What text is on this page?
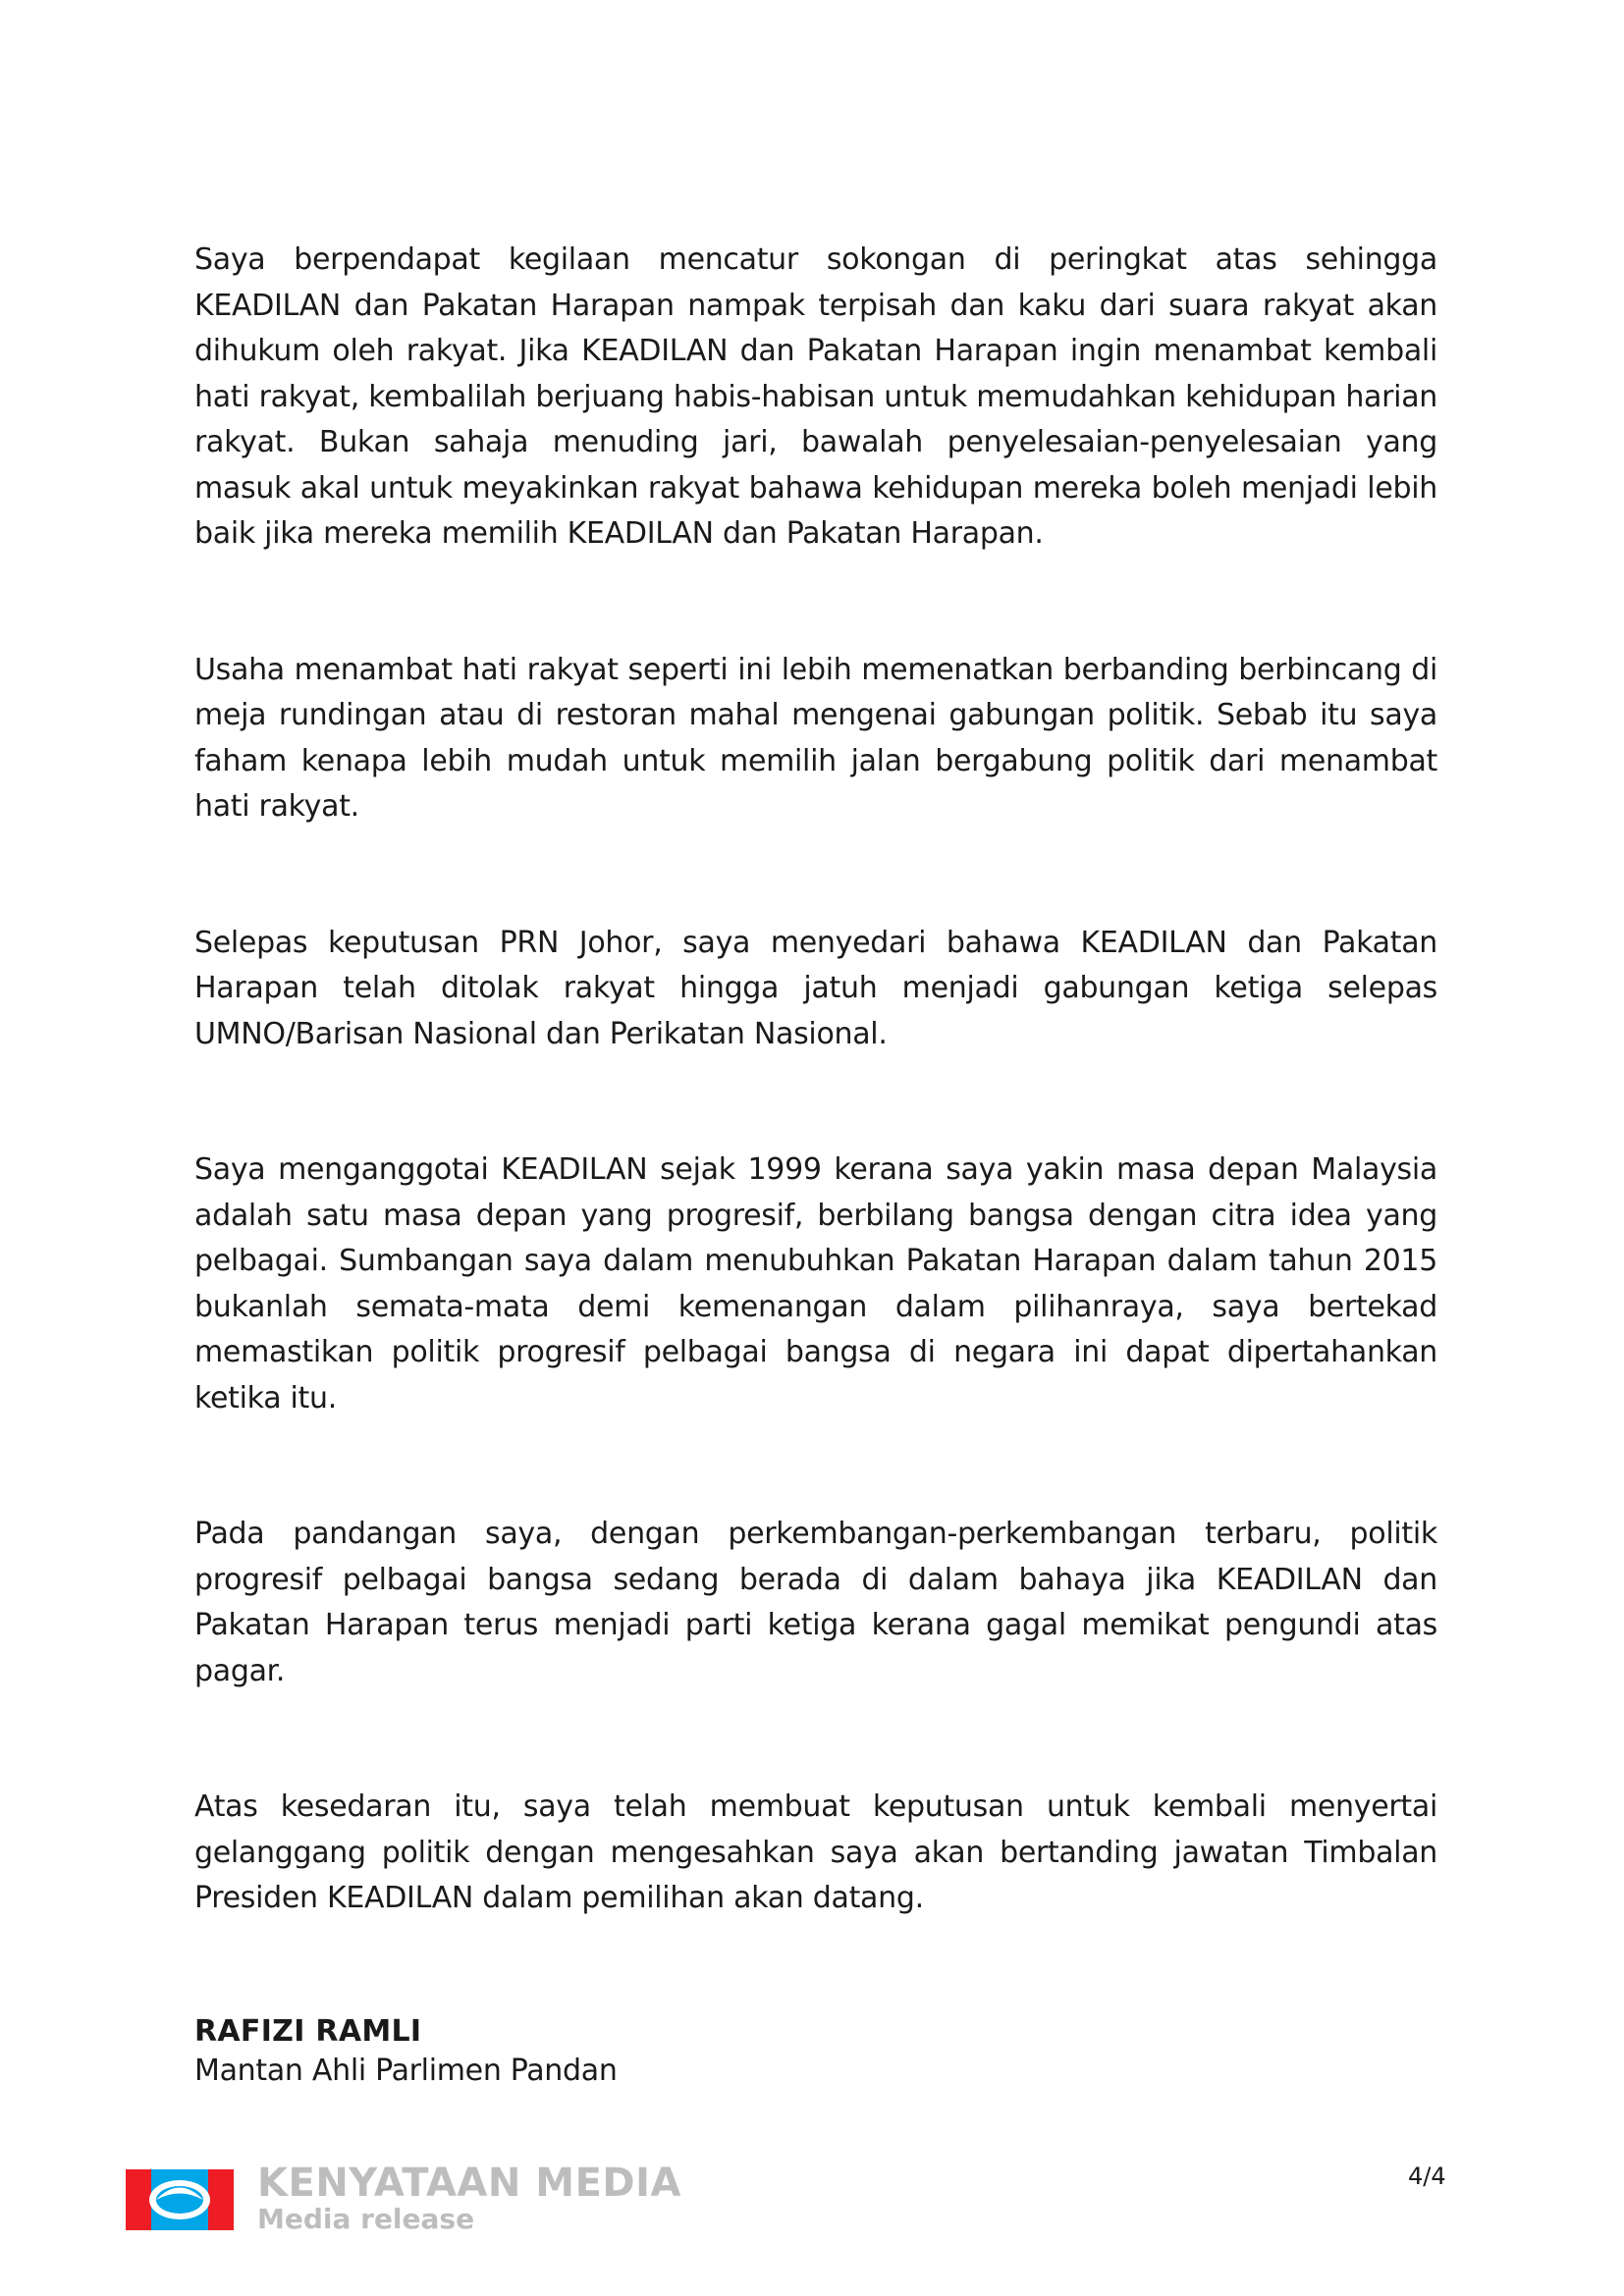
Saya berpendapat kegilaan mencatur sokongan di peringkat atas sehingga KEADILAN dan Pakatan Harapan nampak terpisah dan kaku dari suara rakyat akan dihukum oleh rakyat. Jika KEADILAN dan Pakatan Harapan ingin menambat kembali hati rakyat, kembalilah berjuang habis-habisan untuk memudahkan kehidupan harian rakyat. Bukan sahaja menuding jari, bawalah penyelesaian-penyelesaian yang masuk akal untuk meyakinkan rakyat bahawa kehidupan mereka boleh menjadi lebih baik jika mereka memilih KEADILAN dan Pakatan Harapan.

Usaha menambat hati rakyat seperti ini lebih memenatkan berbanding berbincang di meja rundingan atau di restoran mahal mengenai gabungan politik. Sebab itu saya faham kenapa lebih mudah untuk memilih jalan bergabung politik dari menambat hati rakyat.

Selepas keputusan PRN Johor, saya menyedari bahawa KEADILAN dan Pakatan Harapan telah ditolak rakyat hingga jatuh menjadi gabungan ketiga selepas UMNO/Barisan Nasional dan Perikatan Nasional.

Saya menganggotai KEADILAN sejak 1999 kerana saya yakin masa depan Malaysia adalah satu masa depan yang progresif, berbilang bangsa dengan citra idea yang pelbagai. Sumbangan saya dalam menubuhkan Pakatan Harapan dalam tahun 2015 bukanlah semata-mata demi kemenangan dalam pilihanraya, saya bertekad memastikan politik progresif pelbagai bangsa di negara ini dapat dipertahankan ketika itu.

Pada pandangan saya, dengan perkembangan-perkembangan terbaru, politik progresif pelbagai bangsa sedang berada di dalam bahaya jika KEADILAN dan Pakatan Harapan terus menjadi parti ketiga kerana gagal memikat pengundi atas pagar.

Atas kesedaran itu, saya telah membuat keputusan untuk kembali menyertai gelanggang politik dengan mengesahkan saya akan bertanding jawatan Timbalan Presiden KEADILAN dalam pemilihan akan datang.

RAFIZI RAMLI
Mantan Ahli Parlimen Pandan
KENYATAAN MEDIA
Media release
4/4
